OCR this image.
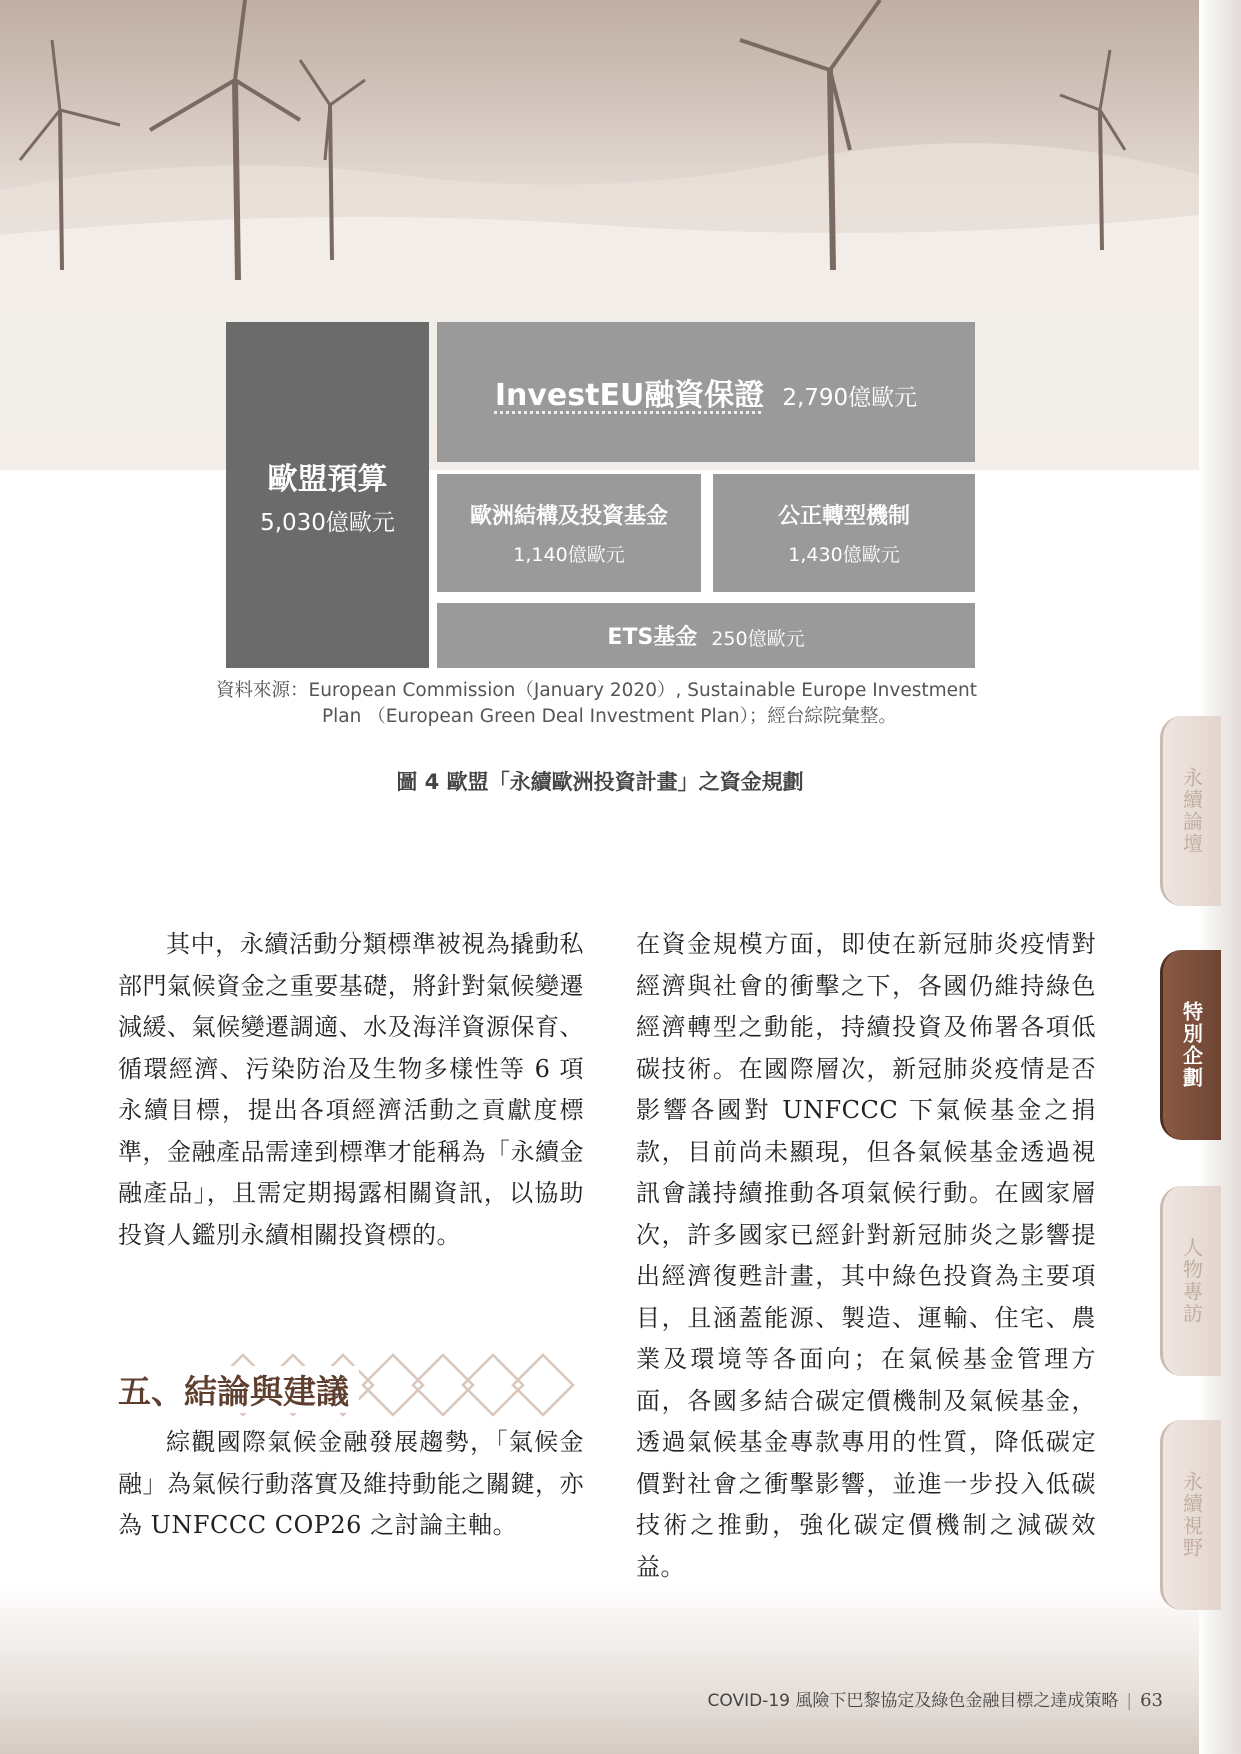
歐盟預算
5,030億歐元
InvestEU融資保證 2,790億歐元
歐洲結構及投資基金
1,140億歐元
公正轉型機制
1,430億歐元
ETS基金 250億歐元
資料來源：European Commission（January 2020）, Sustainable Europe Investment
Plan （European Green Deal Investment Plan）；經台綜院彙整。
圖 4 歐盟「永續歐洲投資計畫」之資金規劃

其中，永續活動分類標準被視為撬動私部門氣候資金之重要基礎，將針對氣候變遷減緩、氣候變遷調適、水及海洋資源保育、循環經濟、污染防治及生物多樣性等 6 項永續目標，提出各項經濟活動之貢獻度標準，金融產品需達到標準才能稱為「永續金融產品」，且需定期揭露相關資訊，以協助投資人鑑別永續相關投資標的。

五、結論與建議

綜觀國際氣候金融發展趨勢，「氣候金融」為氣候行動落實及維持動能之關鍵，亦為 UNFCCC COP26 之討論主軸。

在資金規模方面，即使在新冠肺炎疫情對經濟與社會的衝擊之下，各國仍維持綠色經濟轉型之動能，持續投資及佈署各項低碳技術。在國際層次，新冠肺炎疫情是否影響各國對 UNFCCC 下氣候基金之捐款，目前尚未顯現，但各氣候基金透過視訊會議持續推動各項氣候行動。在國家層次，許多國家已經針對新冠肺炎之影響提出經濟復甦計畫，其中綠色投資為主要項目，且涵蓋能源、製造、運輸、住宅、農業及環境等各面向；在氣候基金管理方面，各國多結合碳定價機制及氣候基金，透過氣候基金專款專用的性質，降低碳定價對社會之衝擊影響，並進一步投入低碳技術之推動，強化碳定價機制之減碳效益。

永續論壇
特別企劃
人物專訪
永續視野
COVID-19 風險下巴黎協定及綠色金融目標之達成策略 | 63
